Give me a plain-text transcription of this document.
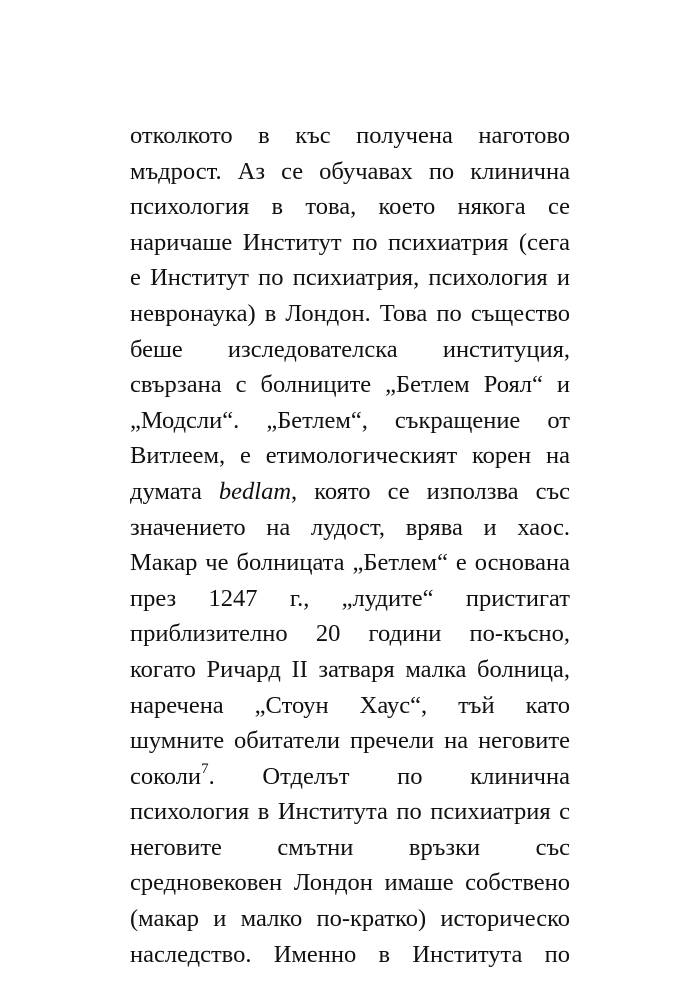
отколкото в къс получена наготово
мъдрост. Аз се обучавах по клинична
психология в това, което някога се
наричаше Институт по психиатрия (сега
е Институт по психиатрия, психология и
невронаука) в Лондон. Това по същество
беше изследователска институция,
свързана с болниците „Бетлем Роял“ и
„Модсли“. „Бетлем“, съкращение от
Витлеем, е етимологическият корен на
думата bedlam, която се използва със
значението на лудост, врява и хаос.
Макар че болницата „Бетлем“ е основана
през 1247 г., „лудите“ пристигат
приблизително 20 години по-късно,
когато Ричард II затваря малка болница,
наречена „Стоун Хаус“, тъй като
шумните обитатели пречели на неговите
соколи$^7$. Отделът по клинична
психология в Института по психиатрия с
неговите смътни връзки със
средновековен Лондон имаше собствено
(макар и малко по-кратко) историческо
наследство. Именно в Института по
